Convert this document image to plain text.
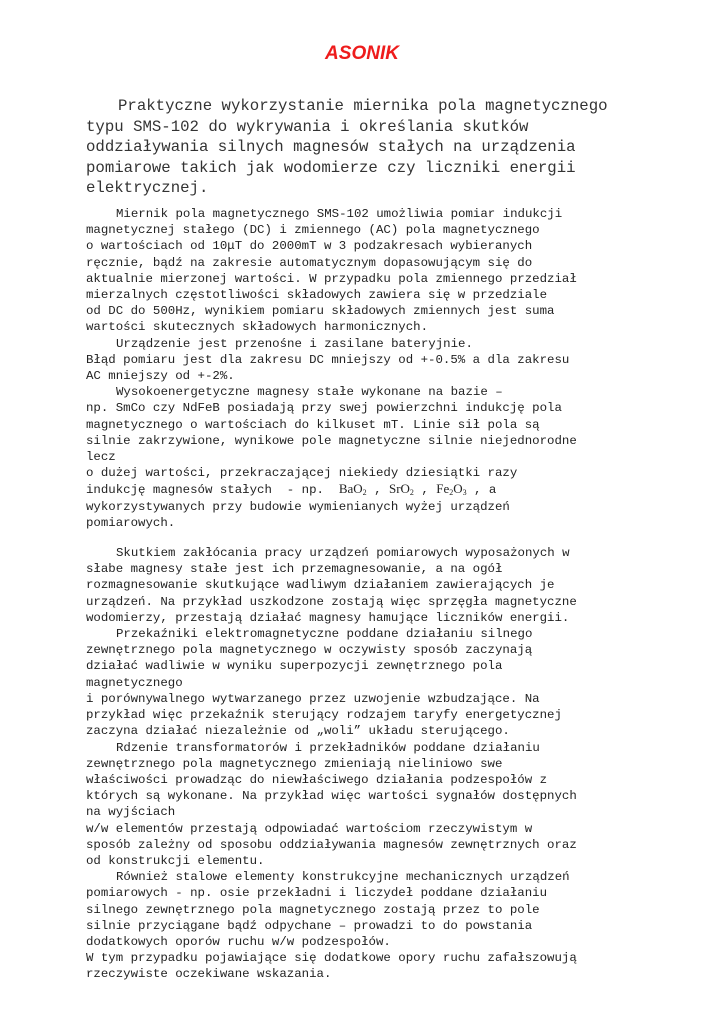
ASONIK
Praktyczne wykorzystanie miernika pola magnetycznego
typu SMS-102 do wykrywania i określania skutków
oddziaływania silnych magnesów stałych na urządzenia
pomiarowe takich jak wodomierze czy liczniki energii
elektrycznej.
Miernik pola magnetycznego SMS-102 umożliwia pomiar indukcji
magnetycznej stałego (DC) i zmiennego (AC) pola magnetycznego
o wartościach od 10μT do 2000mT w 3 podzakresach wybieranych
ręcznie, bądź na zakresie automatycznym dopasowującym się do
aktualnie mierzonej wartości. W przypadku pola zmiennego przedział
mierzalnych częstotliwości składowych zawiera się w przedziale
od DC do 500Hz, wynikiem pomiaru składowych zmiennych jest suma
wartości skutecznych składowych harmonicznych.
Urządzenie jest przenośne i zasilane bateryjnie.
Błąd pomiaru jest dla zakresu DC mniejszy od +-0.5% a dla zakresu
AC mniejszy od +-2%.
Wysokoenergetyczne magnesy stałe wykonane na bazie –
np. SmCo czy NdFeB posiadają przy swej powierzchni indukcję pola
magnetycznego o wartościach do kilkuset mT. Linie sił pola są
silnie zakrzywione, wynikowe pole magnetyczne silnie niejednorodne
lecz
o dużej wartości, przekraczającej niekiedy dziesiątki razy
indukcję magnesów stałych  - np.  BaO$_2$ , SrO$_2$ , $Fe_2O_3$ , a
wykorzystywanych przy budowie wymienianych wyżej urządzeń
pomiarowych.
Skutkiem zakłócania pracy urządzeń pomiarowych wyposażonych w
słabe magnesy stałe jest ich przemagnesowanie, a na ogół
rozmagnesowanie skutkujące wadliwym działaniem zawierających je
urządzeń. Na przykład uszkodzone zostają więc sprzęgła magnetyczne
wodomierzy, przestają działać magnesy hamujące liczników energii.
Przekaźniki elektromagnetyczne poddane działaniu silnego
zewnętrznego pola magnetycznego w oczywisty sposób zaczynają
działać wadliwie w wyniku superpozycji zewnętrznego pola
magnetycznego
i porównywalnego wytwarzanego przez uzwojenie wzbudzające. Na
przykład więc przekaźnik sterujący rodzajem taryfy energetycznej
zaczyna działać niezależnie od „woli” układu sterującego.
Rdzenie transformatorów i przekładników poddane działaniu
zewnętrznego pola magnetycznego zmieniają nieliniowo swe
właściwości prowadząc do niewłaściwego działania podzespołów z
których są wykonane. Na przykład więc wartości sygnałów dostępnych
na wyjściach
w/w elementów przestają odpowiadać wartościom rzeczywistym w
sposób zależny od sposobu oddziaływania magnesów zewnętrznych oraz
od konstrukcji elementu.
Również stalowe elementy konstrukcyjne mechanicznych urządzeń
pomiarowych - np. osie przekładni i liczydeł poddane działaniu
silnego zewnętrznego pola magnetycznego zostają przez to pole
silnie przyciągane bądź odpychane – prowadzi to do powstania
dodatkowych oporów ruchu w/w podzespołów.
W tym przypadku pojawiające się dodatkowe opory ruchu zafałszowują
rzeczywiste oczekiwane wskazania.
